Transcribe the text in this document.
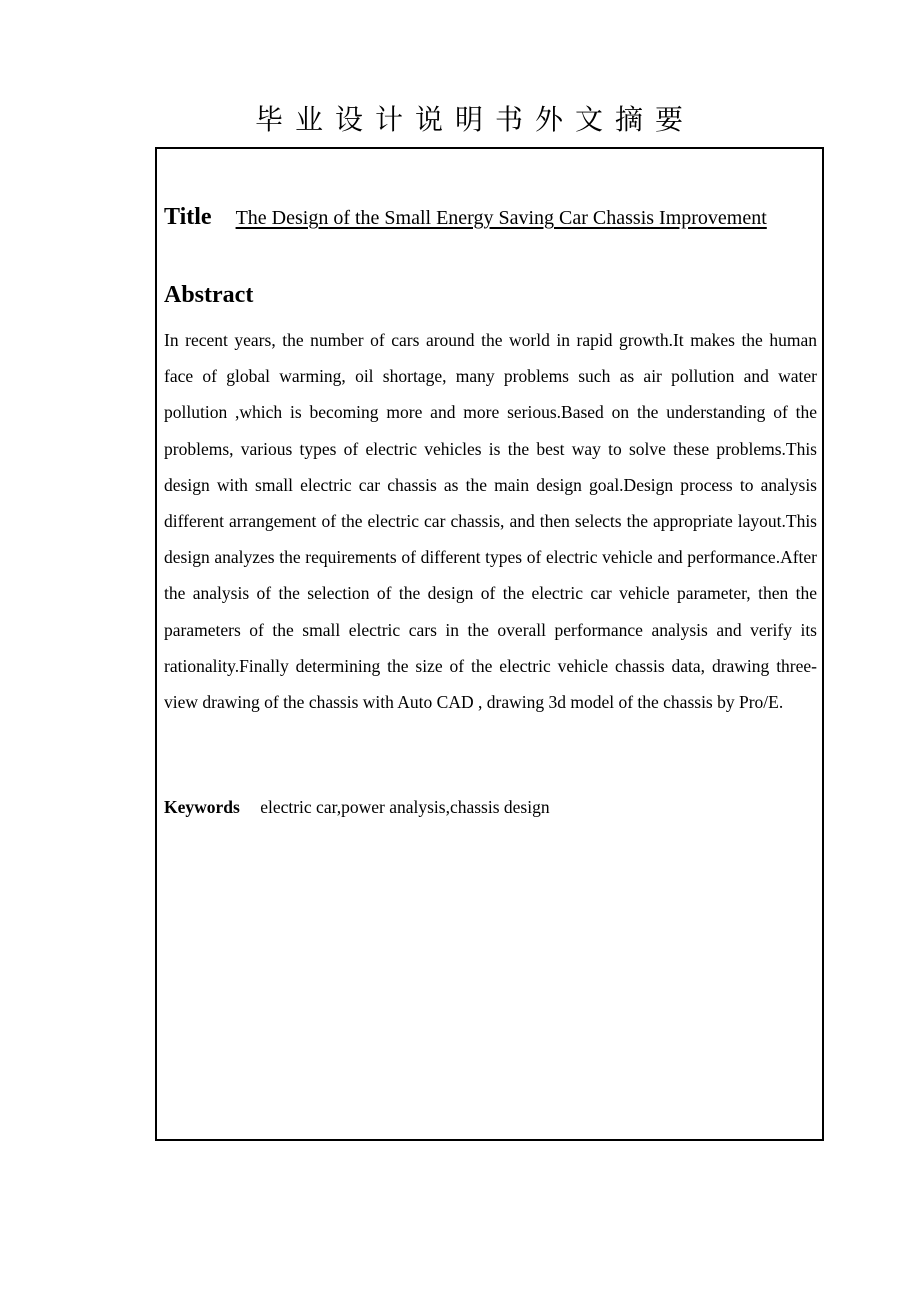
毕业设计说明书外文摘要
Title The Design of the Small Energy Saving Car Chassis Improvement
Abstract

In recent years, the number of cars around the world in rapid growth.It makes the human face of global warming, oil shortage, many problems such as air pollution and water pollution ,which is becoming more and more serious.Based on the understanding of the problems, various types of electric vehicles is the best way to solve these problems.This design with small electric car chassis as the main design goal.Design process to analysis different arrangement of the electric car chassis, and then selects the appropriate layout.This design analyzes the requirements of different types of electric vehicle and performance.After the analysis of the selection of the design of the electric car vehicle parameter, then the parameters of the small electric cars in the overall performance analysis and verify its rationality.Finally determining the size of the electric vehicle chassis data, drawing three-view drawing of the chassis with Auto CAD , drawing 3d model of the chassis by Pro/E.

Keywords electric car,power analysis,chassis design
